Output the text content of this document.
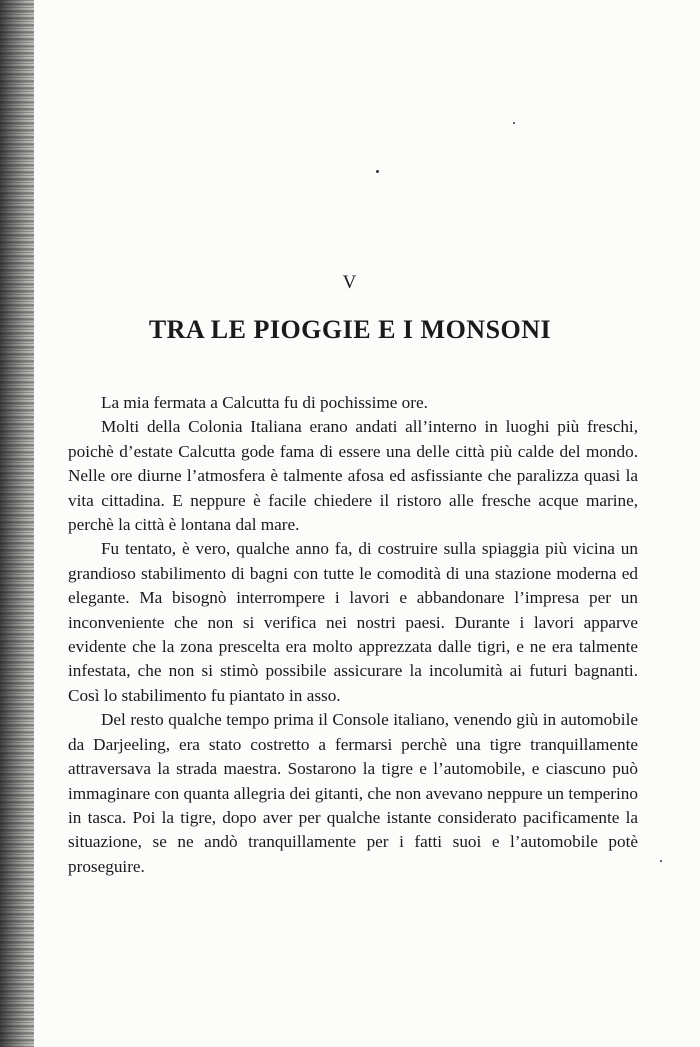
V
TRA LE PIOGGIE E I MONSONI

La mia fermata a Calcutta fu di pochissime ore.

Molti della Colonia Italiana erano andati all’interno in luoghi più freschi, poichè d’estate Calcutta gode fama di essere una delle città più calde del mondo. Nelle ore diurne l’atmosfera è talmente afosa ed asfissiante che paralizza quasi la vita cittadina. E neppure è facile chiedere il ristoro alle fresche acque marine, perchè la città è lontana dal mare.

Fu tentato, è vero, qualche anno fa, di costruire sulla spiaggia più vicina un grandioso stabilimento di bagni con tutte le comodità di una stazione moderna ed elegante. Ma bisognò interrompere i lavori e abbandonare l’impresa per un inconveniente che non si verifica nei nostri paesi. Durante i lavori apparve evidente che la zona prescelta era molto apprezzata dalle tigri, e ne era talmente infestata, che non si stimò possibile assicurare la incolumità ai futuri bagnanti. Così lo stabilimento fu piantato in asso.

Del resto qualche tempo prima il Console italiano, venendo giù in automobile da Darjeeling, era stato costretto a fermarsi perchè una tigre tranquillamente attraversava la strada maestra. Sostarono la tigre e l’automobile, e ciascuno può immaginare con quanta allegria dei gitanti, che non avevano neppure un temperino in tasca. Poi la tigre, dopo aver per qualche istante considerato pacificamente la situazione, se ne andò tranquillamente per i fatti suoi e l’automobile potè proseguire.
